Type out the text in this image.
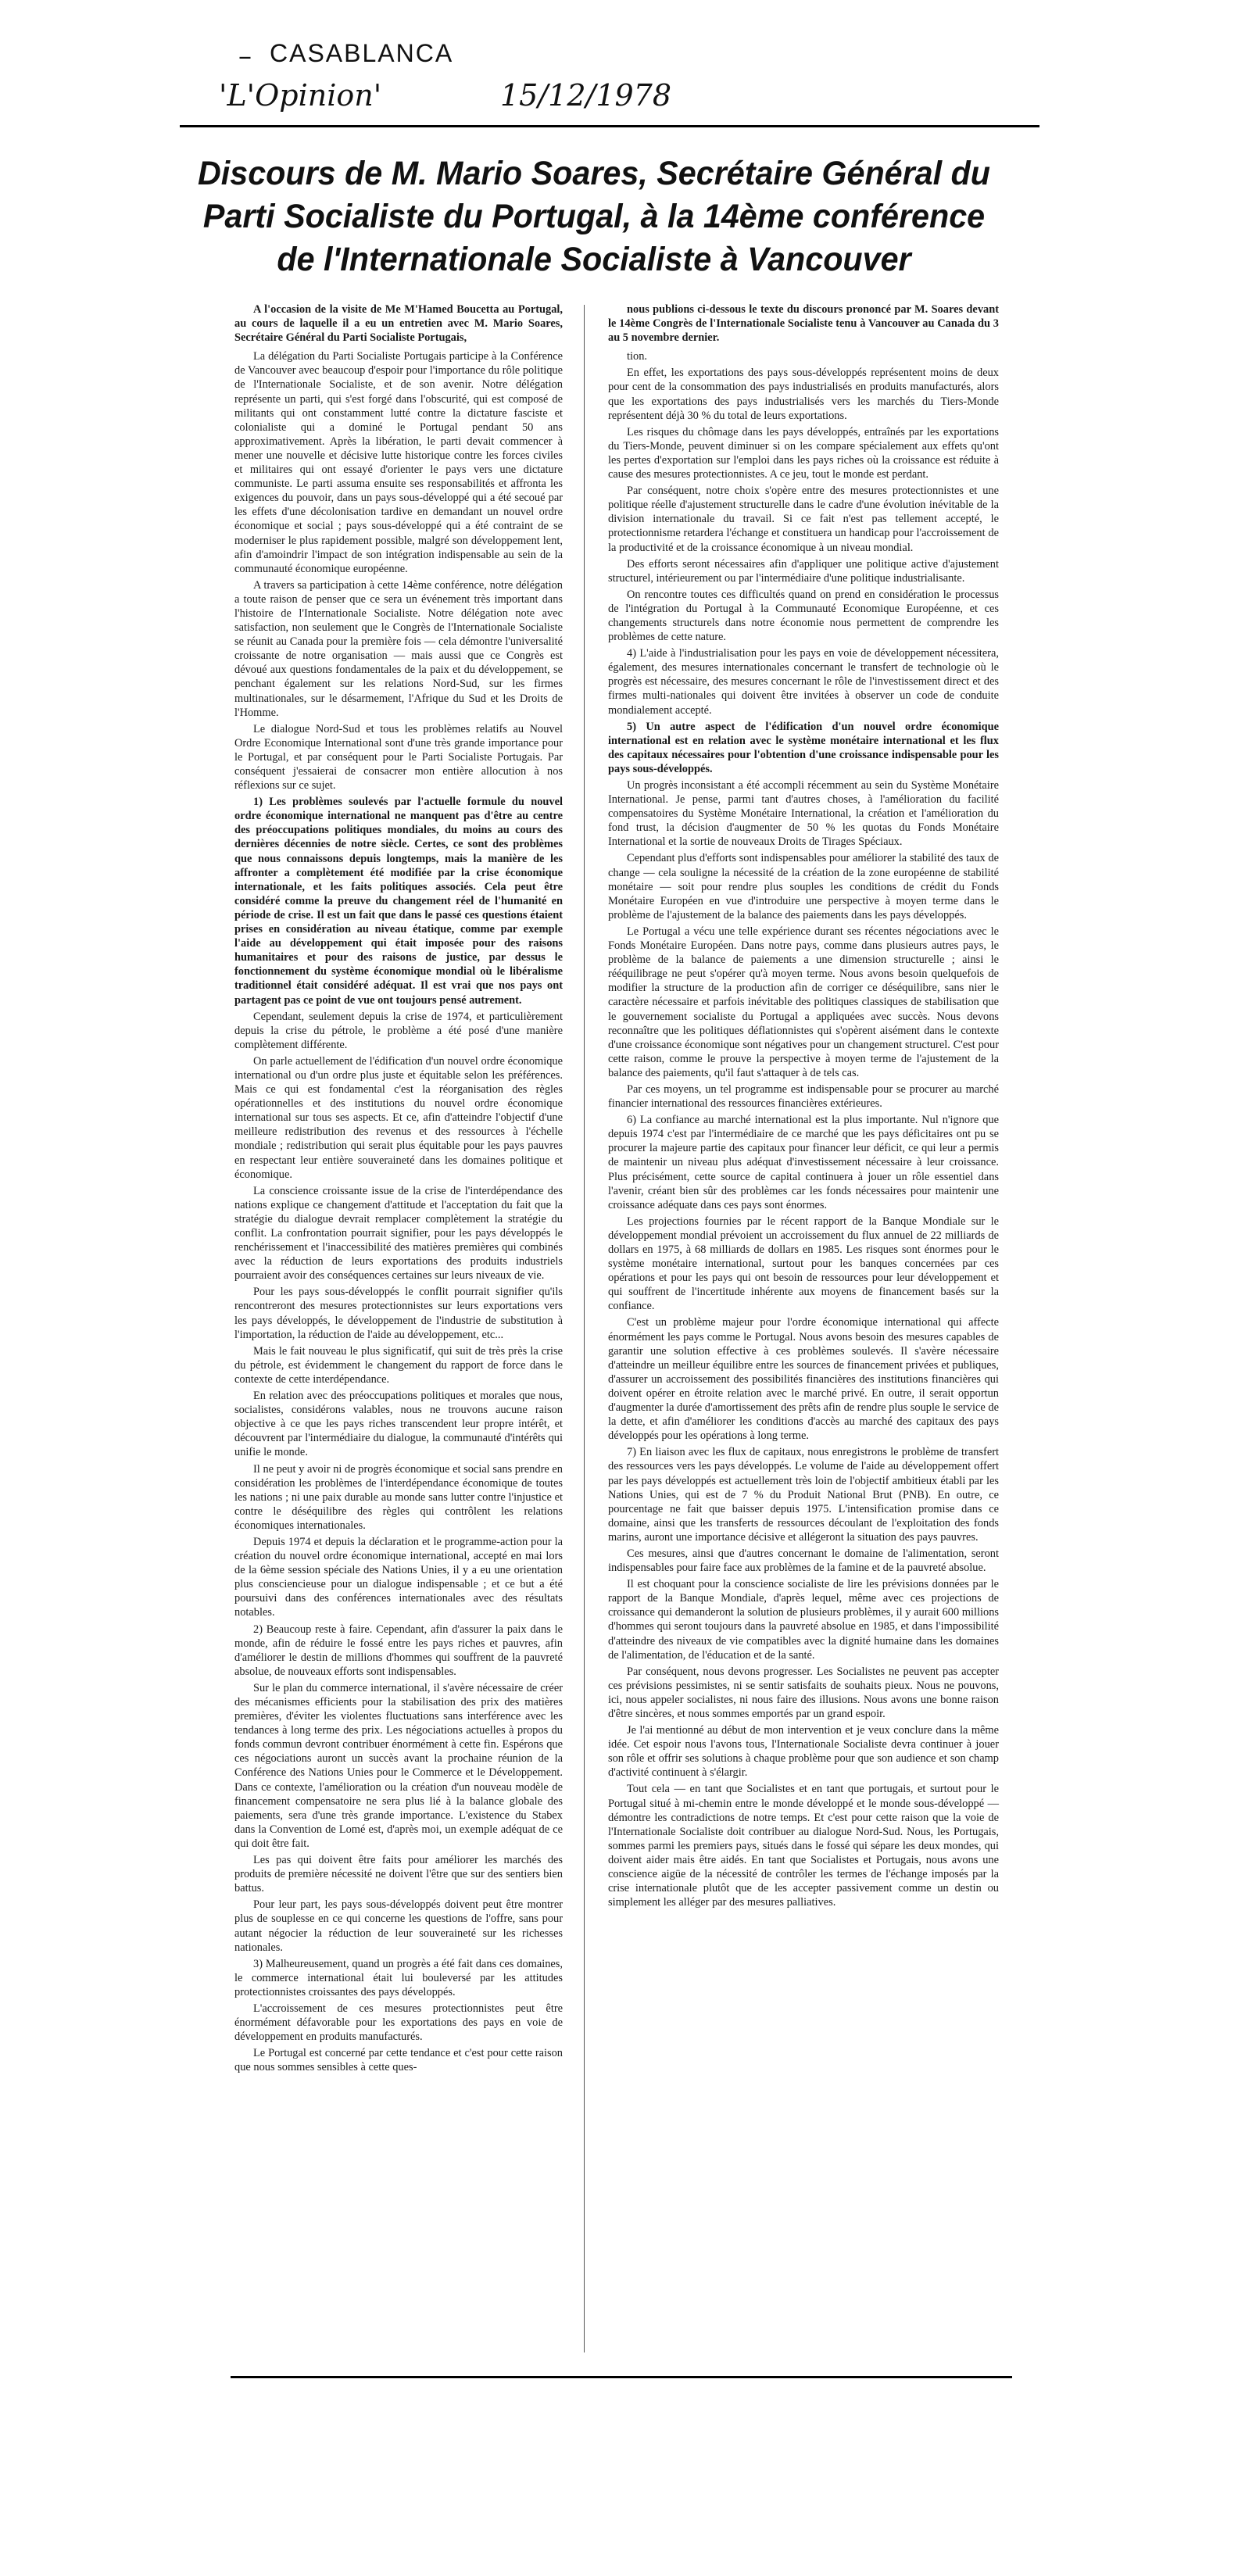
– CASABLANCA
'L'Opinion'	15/12/1978
Discours de M. Mario Soares, Secrétaire Général du Parti Socialiste du Portugal, à la 14ème conférence de l'Internationale Socialiste à Vancouver
A l'occasion de la visite de Me M'Hamed Boucetta au Portugal, au cours de laquelle il a eu un entretien avec M. Mario Soares, Secrétaire Général du Parti Socialiste Portugais,

La délégation du Parti Socialiste Portugais participe à la Conférence de Vancouver avec beaucoup d'espoir pour l'importance du rôle politique de l'Internationale Socialiste, et de son avenir. Notre délégation représente un parti, qui s'est forgé dans l'obscurité, qui est composé de militants qui ont constamment lutté contre la dictature fasciste et colonialiste qui a dominé le Portugal pendant 50 ans approximativement. Après la libération, le parti devait commencer à mener une nouvelle et décisive lutte historique contre les forces civiles et militaires qui ont essayé d'orienter le pays vers une dictature communiste. Le parti assuma ensuite ses responsabilités et affronta les exigences du pouvoir, dans un pays sous-développé qui a été secoué par les effets d'une décolonisation tardive en demandant un nouvel ordre économique et social ; pays sous-développé qui a été contraint de se moderniser le plus rapidement possible, malgré son développement lent, afin d'amoindrir l'impact de son intégration indispensable au sein de la communauté économique européenne.

A travers sa participation à cette 14ème conférence, notre délégation a toute raison de penser que ce sera un événement très important dans l'histoire de l'Internationale Socialiste. Notre délégation note avec satisfaction, non seulement que le Congrès de l'Internationale Socialiste se réunit au Canada pour la première fois — cela démontre l'universalité croissante de notre organisation — mais aussi que ce Congrès est dévoué aux questions fondamentales de la paix et du développement, se penchant également sur les relations Nord-Sud, sur les firmes multinationales, sur le désarmement, l'Afrique du Sud et les Droits de l'Homme.

Le dialogue Nord-Sud et tous les problèmes relatifs au Nouvel Ordre Economique International sont d'une très grande importance pour le Portugal, et par conséquent pour le Parti Socialiste Portugais. Par conséquent j'essaierai de consacrer mon entière allocution à nos réflexions sur ce sujet.

1) Les problèmes soulevés par l'actuelle formule du nouvel ordre économique international ne manquent pas d'être au centre des préoccupations politiques mondiales, du moins au cours des dernières décennies de notre siècle. Certes, ce sont des problèmes que nous connaissons depuis longtemps, mais la manière de les affronter a complètement été modifiée par la crise économique internationale, et les faits politiques associés. Cela peut être considéré comme la preuve du changement réel de l'humanité en période de crise. Il est un fait que dans le passé ces questions étaient prises en considération au niveau étatique, comme par exemple l'aide au développement qui était imposée pour des raisons humanitaires et pour des raisons de justice, par dessus le fonctionnement du système économique mondial où le libéralisme traditionnel était considéré adéquat. Il est vrai que nos pays ont partagent pas ce point de vue ont toujours pensé autrement.

Cependant, seulement depuis la crise de 1974, et particulièrement depuis la crise du pétrole, le problème a été posé d'une manière complètement différente.

On parle actuellement de l'édification d'un nouvel ordre économique international ou d'un ordre plus juste et équitable selon les préférences. Mais ce qui est fondamental c'est la réorganisation des règles opérationnelles et des institutions du nouvel ordre économique international sur tous ses aspects. Et ce, afin d'atteindre l'objectif d'une meilleure redistribution des revenus et des ressources à l'échelle mondiale ; redistribution qui serait plus équitable pour les pays pauvres en respectant leur entière souveraineté dans les domaines politique et économique.

La conscience croissante issue de la crise de l'interdépendance des nations explique ce changement d'attitude et l'acceptation du fait que la stratégie du dialogue devrait remplacer complètement la stratégie du conflit. La confrontation pourrait signifier, pour les pays développés le renchérissement et l'inaccessibilité des matières premières qui combinés avec la réduction de leurs exportations des produits industriels pourraient avoir des conséquences certaines sur leurs niveaux de vie.

Pour les pays sous-développés le conflit pourrait signifier qu'ils rencontreront des mesures protectionnistes sur leurs exportations vers les pays développés, le développement de l'industrie de substitution à l'importation, la réduction de l'aide au développement, etc...

Mais le fait nouveau le plus significatif, qui suit de très près la crise du pétrole, est évidemment le changement du rapport de force dans le contexte de cette interdépendance.

En relation avec des préoccupations politiques et morales que nous, socialistes, considérons valables, nous ne trouvons aucune raison objective à ce que les pays riches transcendent leur propre intérêt, et découvrent par l'intermédiaire du dialogue, la communauté d'intérêts qui unifie le monde.

Il ne peut y avoir ni de progrès économique et social sans prendre en considération les problèmes de l'interdépendance économique de toutes les nations ; ni une paix durable au monde sans lutter contre l'injustice et contre le déséquilibre des règles qui contrôlent les relations économiques internationales.

Depuis 1974 et depuis la déclaration et le programme-action pour la création du nouvel ordre économique international, accepté en mai lors de la 6ème session spéciale des Nations Unies, il y a eu une orientation plus consciencieuse pour un dialogue indispensable ; et ce but a été poursuivi dans des conférences internationales avec des résultats notables.

2) Beaucoup reste à faire. Cependant, afin d'assurer la paix dans le monde, afin de réduire le fossé entre les pays riches et pauvres, afin d'améliorer le destin de millions d'hommes qui souffrent de la pauvreté absolue, de nouveaux efforts sont indispensables.

Sur le plan du commerce international, il s'avère nécessaire de créer des mécanismes efficients pour la stabilisation des prix des matières premières, d'éviter les violentes fluctuations sans interférence avec les tendances à long terme des prix. Les négociations actuelles à propos du fonds commun devront contribuer énormément à cette fin. Espérons que ces négociations auront un succès avant la prochaine réunion de la Conférence des Nations Unies pour le Commerce et le Développement. Dans ce contexte, l'amélioration ou la création d'un nouveau modèle de financement compensatoire ne sera plus lié à la balance globale des paiements, sera d'une très grande importance. L'existence du Stabex dans la Convention de Lomé est, d'après moi, un exemple adéquat de ce qui doit être fait.

Les pas qui doivent être faits pour améliorer les marchés des produits de première nécessité ne doivent l'être que sur des sentiers bien battus.

Pour leur part, les pays sous-développés doivent peut être montrer plus de souplesse en ce qui concerne les questions de l'offre, sans pour autant négocier la réduction de leur souveraineté sur les richesses nationales.

3) Malheureusement, quand un progrès a été fait dans ces domaines, le commerce international était lui bouleversé par les attitudes protectionnistes croissantes des pays développés.

L'accroissement de ces mesures protectionnistes peut être énormément défavorable pour les exportations des pays en voie de développement en produits manufacturés.

Le Portugal est concerné par cette tendance et c'est pour cette raison que nous sommes sensibles à cette ques-

nous publions ci-dessous le texte du discours prononcé par M. Soares devant le 14ème Congrès de l'Internationale Socialiste tenu à Vancouver au Canada du 3 au 5 novembre dernier.

tion.

En effet, les exportations des pays sous-développés représentent moins de deux pour cent de la consommation des pays industrialisés en produits manufacturés, alors que les exportations des pays industrialisés vers les marchés du Tiers-Monde représentent déjà 30 % du total de leurs exportations.

Les risques du chômage dans les pays développés, entraînés par les exportations du Tiers-Monde, peuvent diminuer si on les compare spécialement aux effets qu'ont les pertes d'exportation sur l'emploi dans les pays riches où la croissance est réduite à cause des mesures protectionnistes. A ce jeu, tout le monde est perdant.

Par conséquent, notre choix s'opère entre des mesures protectionnistes et une politique réelle d'ajustement structurelle dans le cadre d'une évolution inévitable de la division internationale du travail. Si ce fait n'est pas tellement accepté, le protectionnisme retardera l'échange et constituera un handicap pour l'accroissement de la productivité et de la croissance économique à un niveau mondial.

Des efforts seront nécessaires afin d'appliquer une politique active d'ajustement structurel, intérieurement ou par l'intermédiaire d'une politique industrialisante.

On rencontre toutes ces difficultés quand on prend en considération le processus de l'intégration du Portugal à la Communauté Economique Européenne, et ces changements structurels dans notre économie nous permettent de comprendre les problèmes de cette nature.

4) L'aide à l'industrialisation pour les pays en voie de développement nécessitera, également, des mesures internationales concernant le transfert de technologie où le progrès est nécessaire, des mesures concernant le rôle de l'investissement direct et des firmes multi-nationales qui doivent être invitées à observer un code de conduite mondialement accepté.

5) Un autre aspect de l'édification d'un nouvel ordre économique international est en relation avec le système monétaire international et les flux des capitaux nécessaires pour l'obtention d'une croissance indispensable pour les pays sous-développés.

Un progrès inconsistant a été accompli récemment au sein du Système Monétaire International. Je pense, parmi tant d'autres choses, à l'amélioration du facilité compensatoires du Système Monétaire International, la création et l'amélioration du fond trust, la décision d'augmenter de 50 % les quotas du Fonds Monétaire International et la sortie de nouveaux Droits de Tirages Spéciaux.

Cependant plus d'efforts sont indispensables pour améliorer la stabilité des taux de change — cela souligne la nécessité de la création de la zone européenne de stabilité monétaire — soit pour rendre plus souples les conditions de crédit du Fonds Monétaire Européen en vue d'introduire une perspective à moyen terme dans le problème de l'ajustement de la balance des paiements dans les pays développés.

Le Portugal a vécu une telle expérience durant ses récentes négociations avec le Fonds Monétaire Européen. Dans notre pays, comme dans plusieurs autres pays, le problème de la balance de paiements a une dimension structurelle ; ainsi le rééquilibrage ne peut s'opérer qu'à moyen terme. Nous avons besoin quelquefois de modifier la structure de la production afin de corriger ce déséquilibre, sans nier le caractère nécessaire et parfois inévitable des politiques classiques de stabilisation que le gouvernement socialiste du Portugal a appliquées avec succès. Nous devons reconnaître que les politiques déflationnistes qui s'opèrent aisément dans le contexte d'une croissance économique sont négatives pour un changement structurel. C'est pour cette raison, comme le prouve la perspective à moyen terme de l'ajustement de la balance des paiements, qu'il faut s'attaquer à de tels cas.

Par ces moyens, un tel programme est indispensable pour se procurer au marché financier international des ressources financières extérieures.

6) La confiance au marché international est la plus importante. Nul n'ignore que depuis 1974 c'est par l'intermédiaire de ce marché que les pays déficitaires ont pu se procurer la majeure partie des capitaux pour financer leur déficit, ce qui leur a permis de maintenir un niveau plus adéquat d'investissement nécessaire à leur croissance. Plus précisément, cette source de capital continuera à jouer un rôle essentiel dans l'avenir, créant bien sûr des problèmes car les fonds nécessaires pour maintenir une croissance adéquate dans ces pays sont énormes.

Les projections fournies par le récent rapport de la Banque Mondiale sur le développement mondial prévoient un accroissement du flux annuel de 22 milliards de dollars en 1975, à 68 milliards de dollars en 1985. Les risques sont énormes pour le système monétaire international, surtout pour les banques concernées par ces opérations et pour les pays qui ont besoin de ressources pour leur développement et qui souffrent de l'incertitude inhérente aux moyens de financement basés sur la confiance.

C'est un problème majeur pour l'ordre économique international qui affecte énormément les pays comme le Portugal. Nous avons besoin des mesures capables de garantir une solution effective à ces problèmes soulevés. Il s'avère nécessaire d'atteindre un meilleur équilibre entre les sources de financement privées et publiques, d'assurer un accroissement des possibilités financières des institutions financières qui doivent opérer en étroite relation avec le marché privé. En outre, il serait opportun d'augmenter la durée d'amortissement des prêts afin de rendre plus souple le service de la dette, et afin d'améliorer les conditions d'accès au marché des capitaux des pays développés pour les opérations à long terme.

7) En liaison avec les flux de capitaux, nous enregistrons le problème de transfert des ressources vers les pays développés. Le volume de l'aide au développement offert par les pays développés est actuellement très loin de l'objectif ambitieux établi par les Nations Unies, qui est de 7 % du Produit National Brut (PNB). En outre, ce pourcentage ne fait que baisser depuis 1975. L'intensification promise dans ce domaine, ainsi que les transferts de ressources découlant de l'exploitation des fonds marins, auront une importance décisive et allégeront la situation des pays pauvres.

Ces mesures, ainsi que d'autres concernant le domaine de l'alimentation, seront indispensables pour faire face aux problèmes de la famine et de la pauvreté absolue.

Il est choquant pour la conscience socialiste de lire les prévisions données par le rapport de la Banque Mondiale, d'après lequel, même avec ces projections de croissance qui demanderont la solution de plusieurs problèmes, il y aurait 600 millions d'hommes qui seront toujours dans la pauvreté absolue en 1985, et dans l'impossibilité d'atteindre des niveaux de vie compatibles avec la dignité humaine dans les domaines de l'alimentation, de l'éducation et de la santé.

Par conséquent, nous devons progresser. Les Socialistes ne peuvent pas accepter ces prévisions pessimistes, ni se sentir satisfaits de souhaits pieux. Nous ne pouvons, ici, nous appeler socialistes, ni nous faire des illusions. Nous avons une bonne raison d'être sincères, et nous sommes emportés par un grand espoir.

Je l'ai mentionné au début de mon intervention et je veux conclure dans la même idée. Cet espoir nous l'avons tous, l'Internationale Socialiste devra continuer à jouer son rôle et offrir ses solutions à chaque problème pour que son audience et son champ d'activité continuent à s'élargir.

Tout cela — en tant que Socialistes et en tant que portugais, et surtout pour le Portugal situé à mi-chemin entre le monde développé et le monde sous-développé — démontre les contradictions de notre temps. Et c'est pour cette raison que la voie de l'Internationale Socialiste doit contribuer au dialogue Nord-Sud. Nous, les Portugais, sommes parmi les premiers pays, situés dans le fossé qui sépare les deux mondes, qui doivent aider mais être aidés. En tant que Socialistes et Portugais, nous avons une conscience aigüe de la nécessité de contrôler les termes de l'échange imposés par la crise internationale plutôt que de les accepter passivement comme un destin ou simplement les alléger par des mesures palliatives.
